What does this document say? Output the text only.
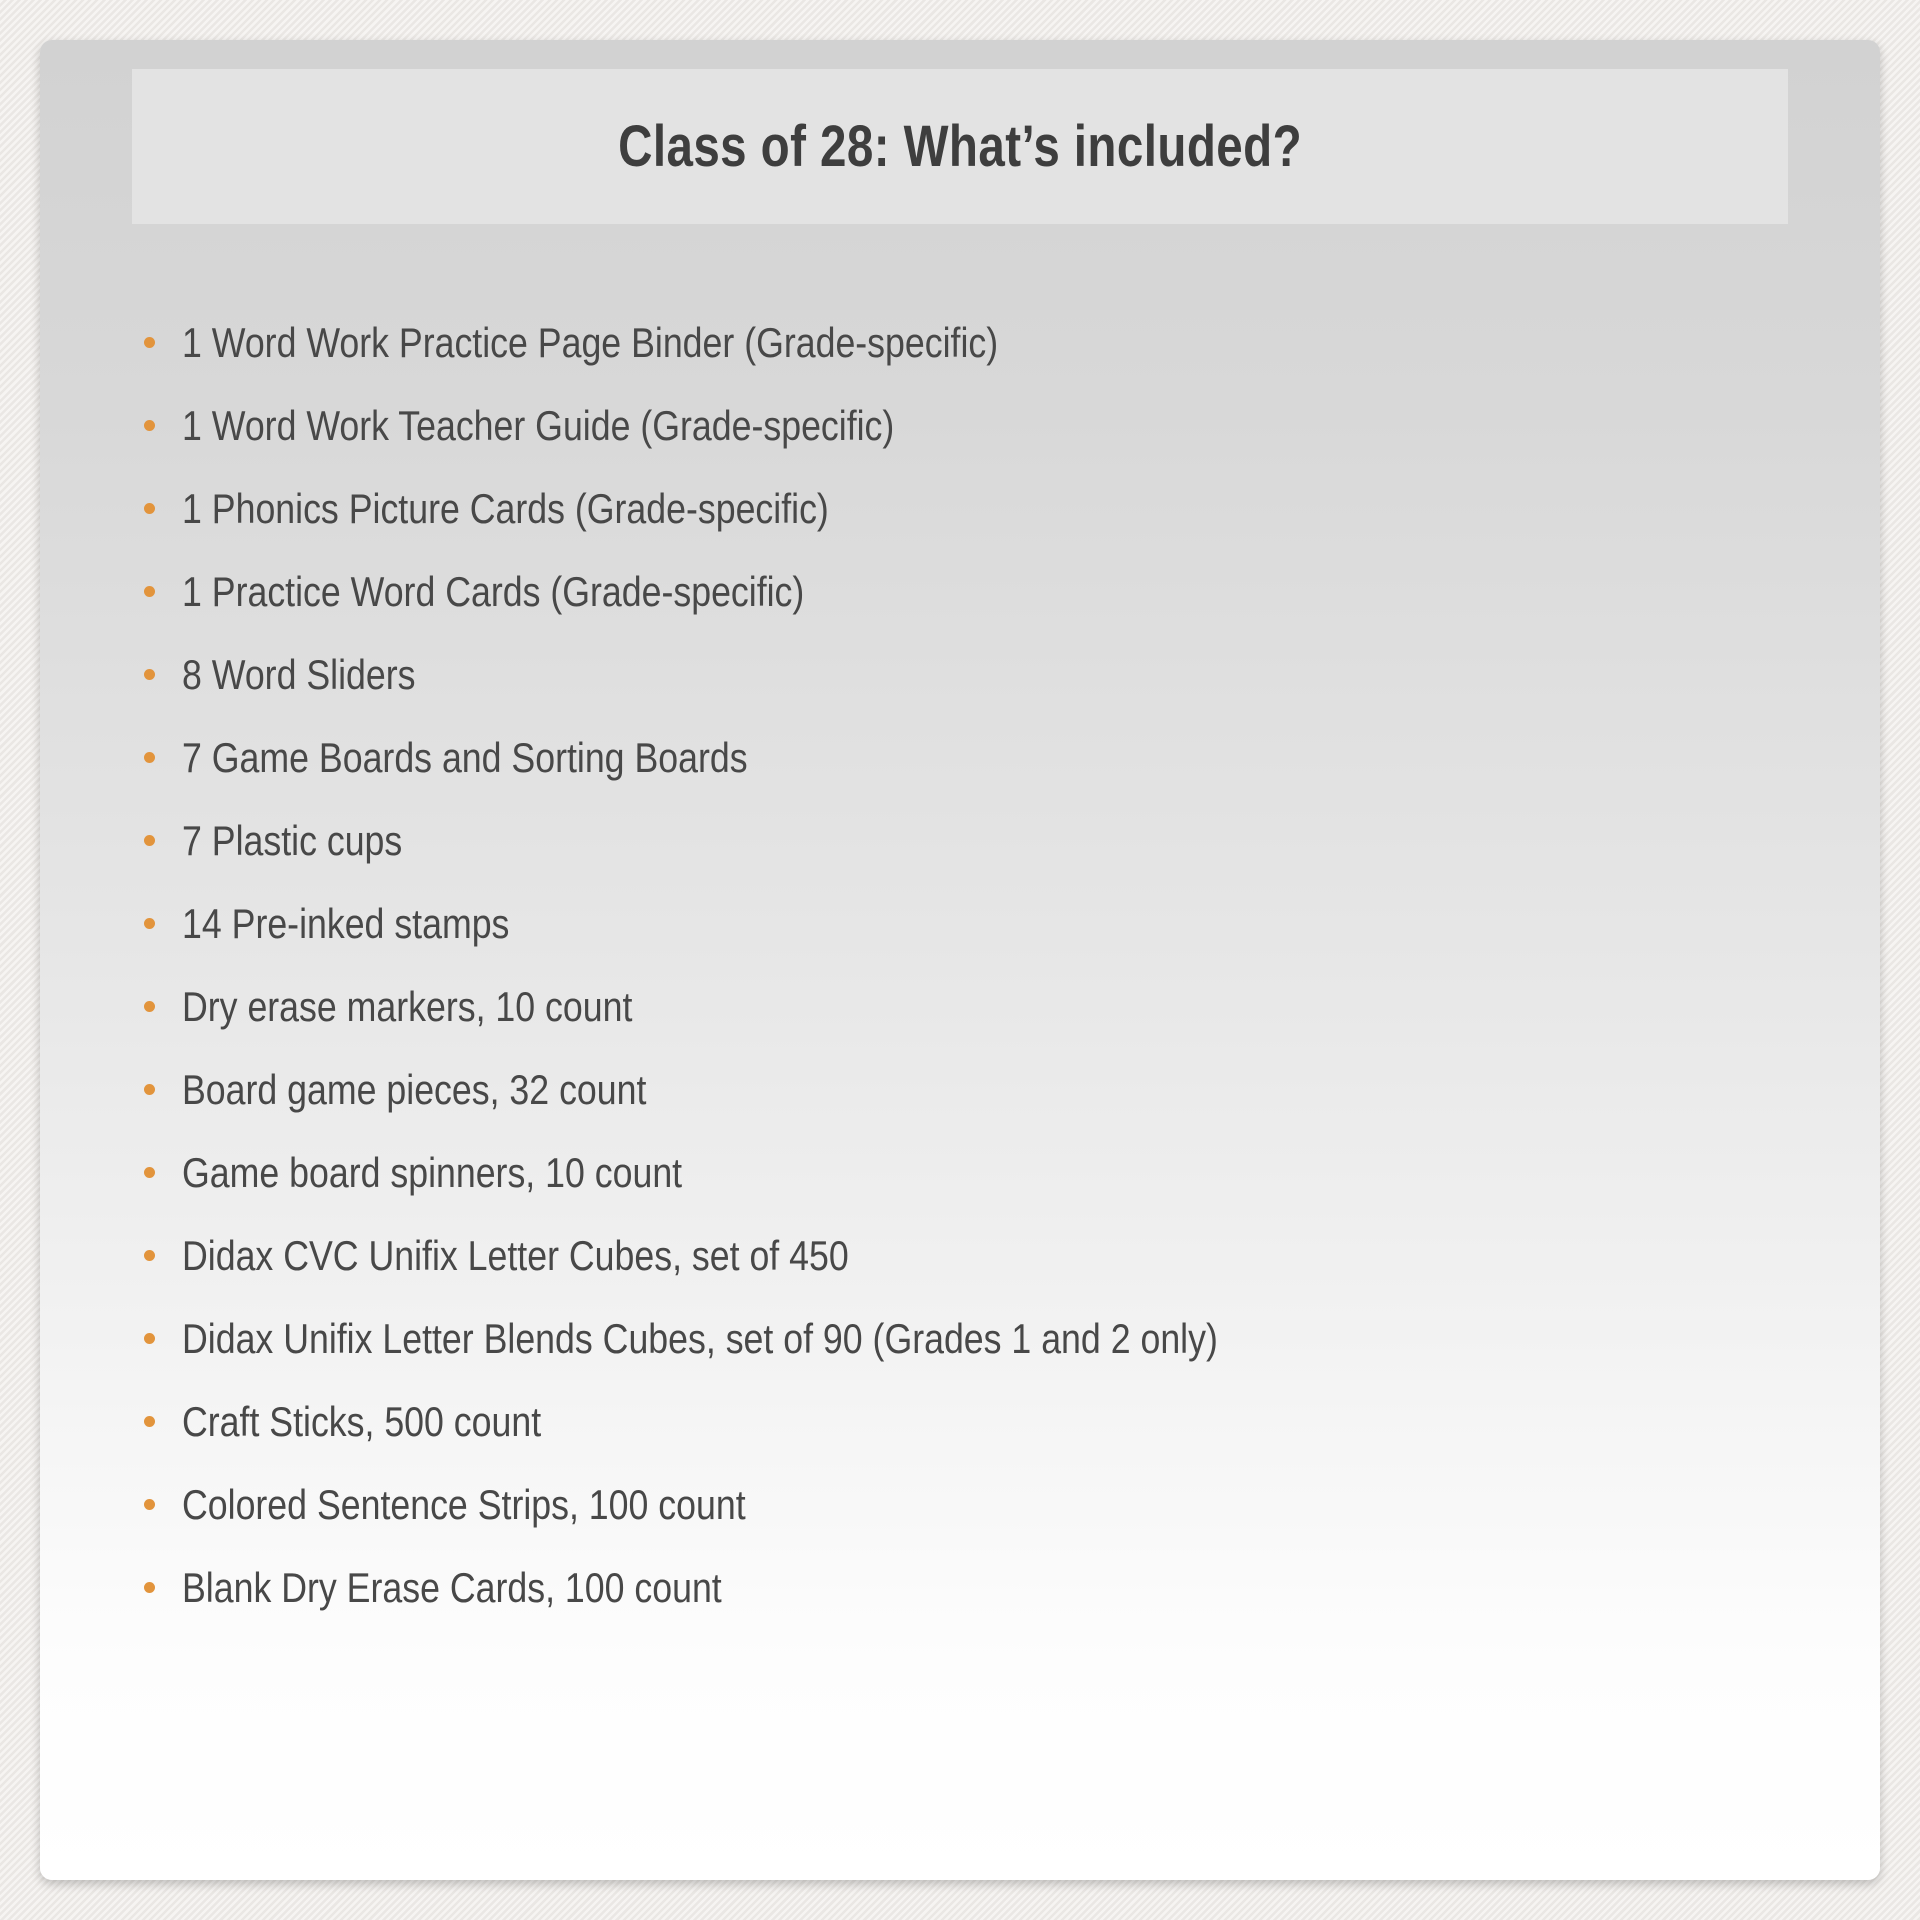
Class of 28: What’s included?
1 Word Work Practice Page Binder (Grade-specific)
1 Word Work Teacher Guide (Grade-specific)
1 Phonics Picture Cards (Grade-specific)
1 Practice Word Cards (Grade-specific)
8 Word Sliders
7 Game Boards and Sorting Boards
7 Plastic cups
14 Pre-inked stamps
Dry erase markers, 10 count
Board game pieces, 32 count
Game board spinners, 10 count
Didax CVC Unifix Letter Cubes, set of 450
Didax Unifix Letter Blends Cubes, set of 90 (Grades 1 and 2 only)
Craft Sticks, 500 count
Colored Sentence Strips, 100 count
Blank Dry Erase Cards, 100 count
